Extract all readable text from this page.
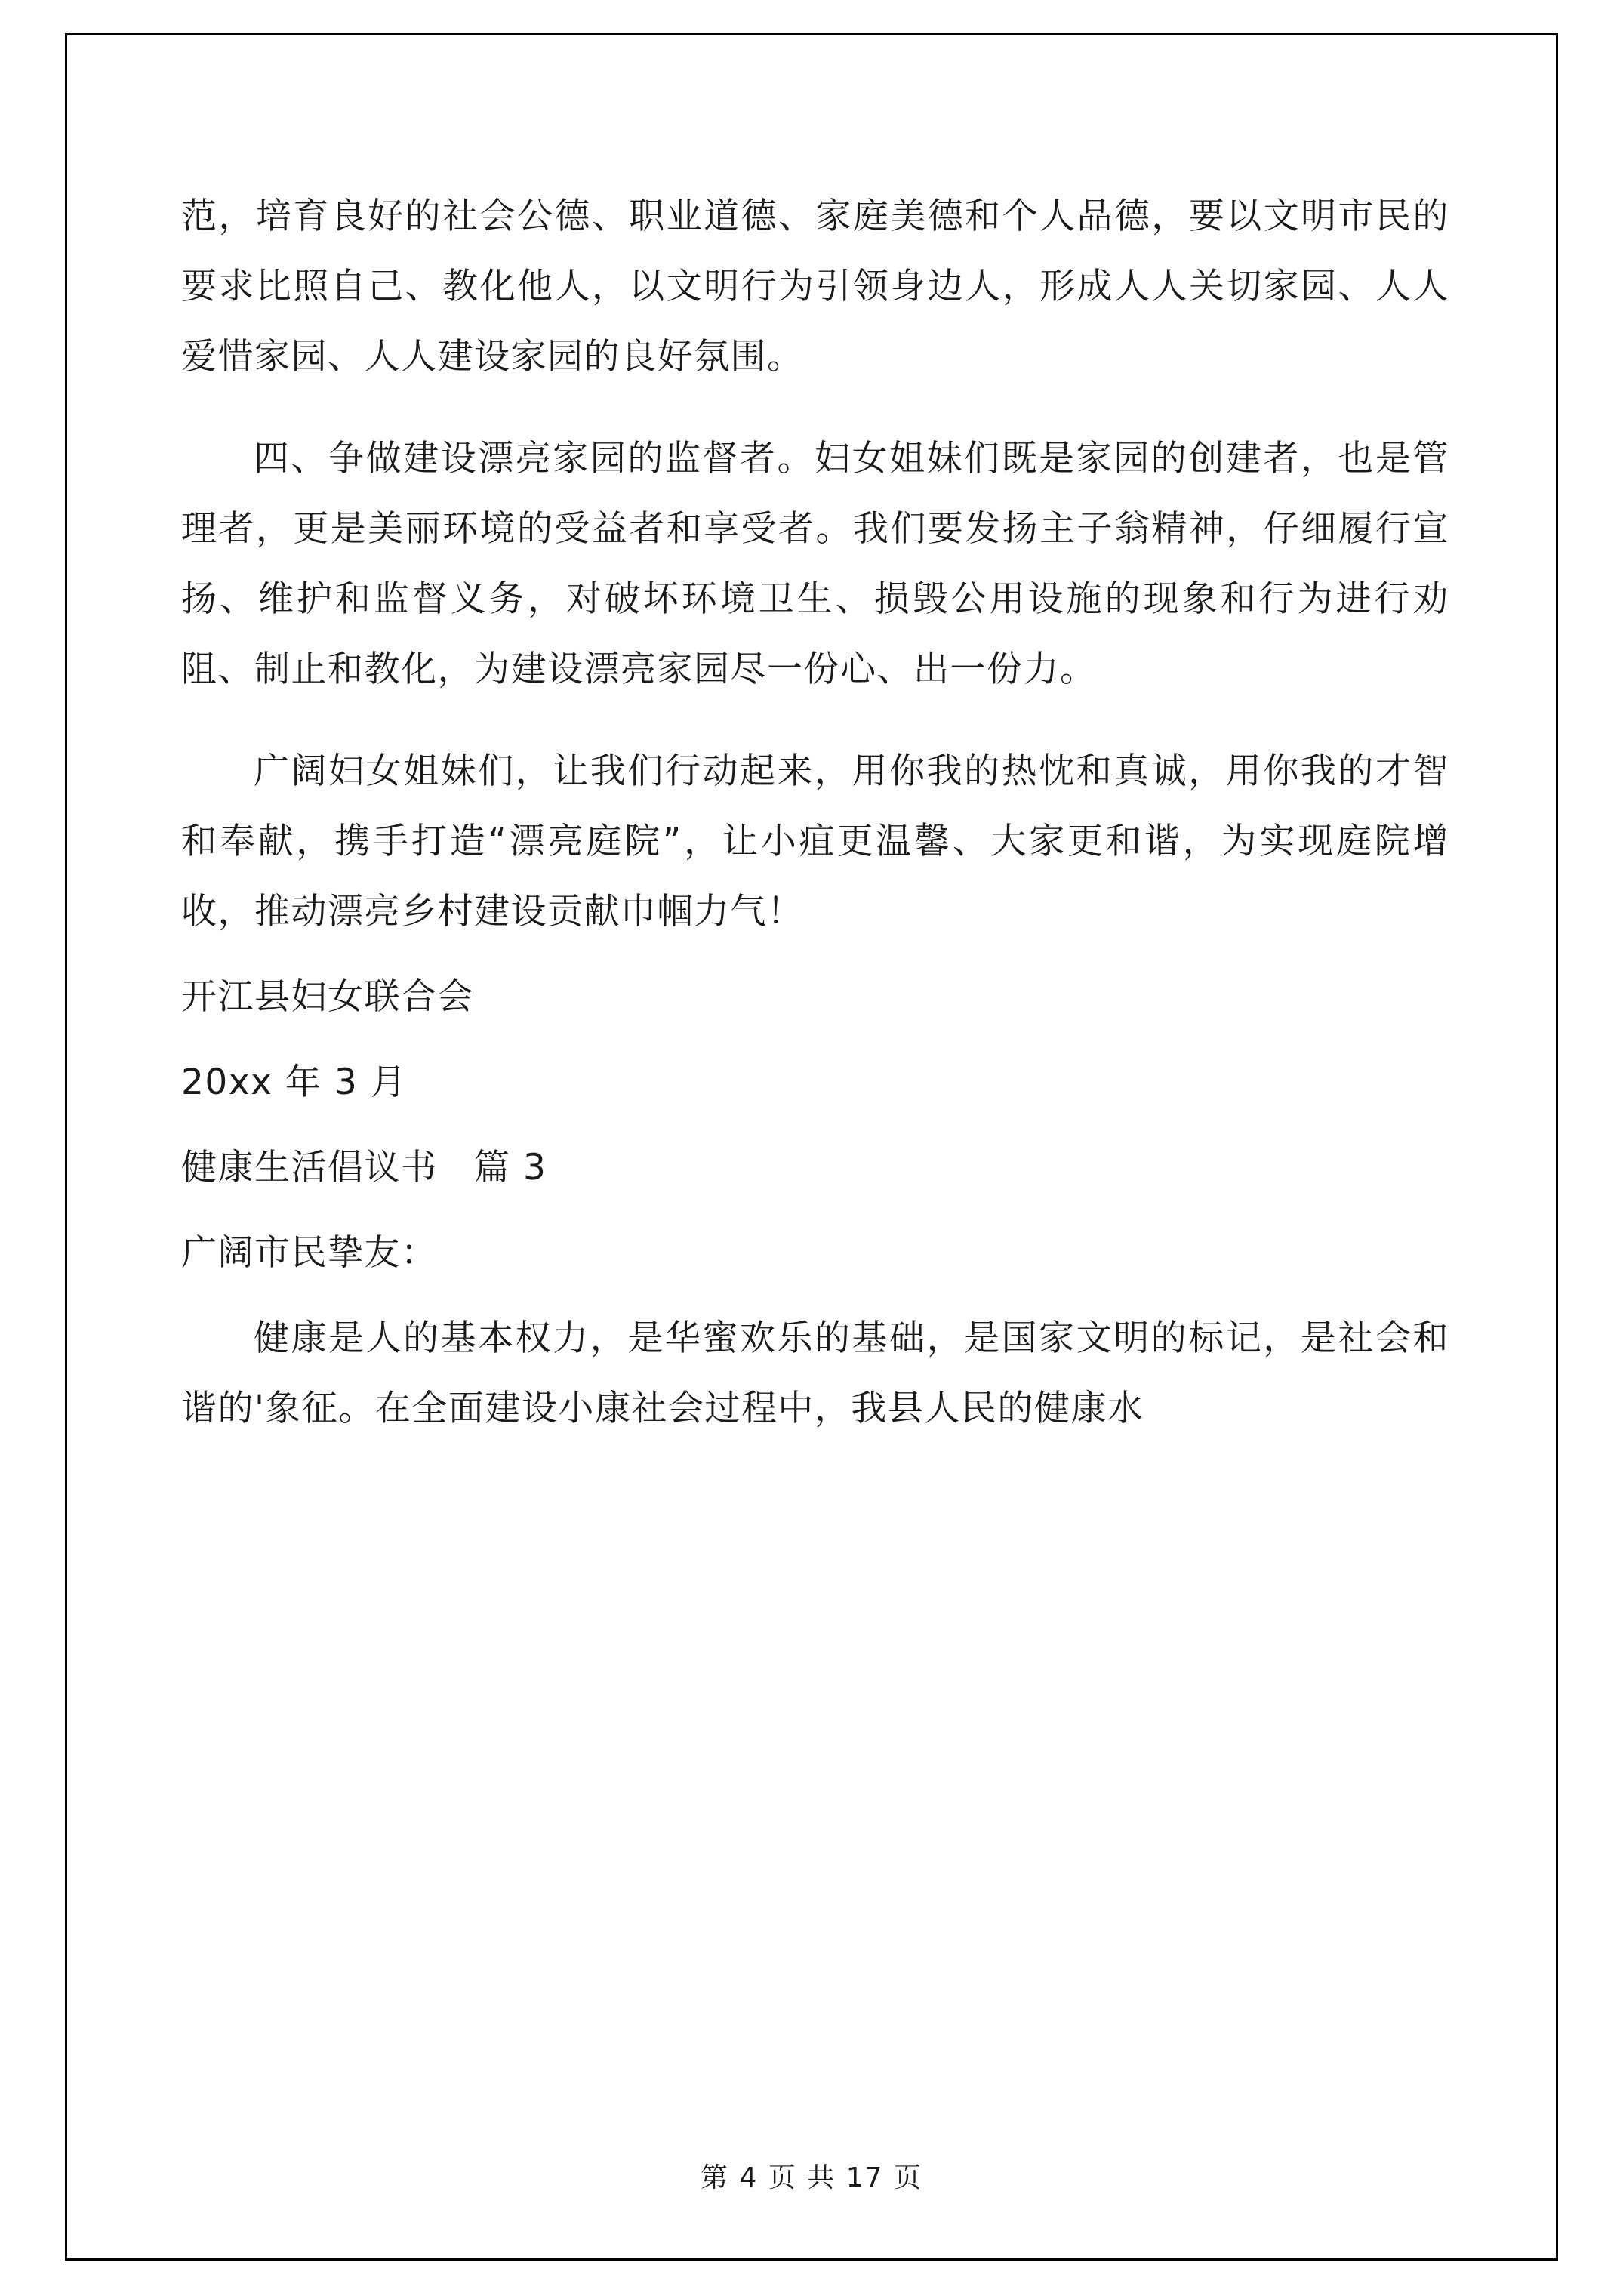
范，培育良好的社会公德、职业道德、家庭美德和个人品德，要以文明市民的要求比照自己、教化他人，以文明行为引领身边人，形成人人关切家园、人人爱惜家园、人人建设家园的良好氛围。

四、争做建设漂亮家园的监督者。妇女姐妹们既是家园的创建者，也是管理者，更是美丽环境的受益者和享受者。我们要发扬主子翁精神，仔细履行宣扬、维护和监督义务，对破坏环境卫生、损毁公用设施的现象和行为进行劝阻、制止和教化，为建设漂亮家园尽一份心、出一份力。

广阔妇女姐妹们，让我们行动起来，用你我的热忱和真诚，用你我的才智和奉献，携手打造“漂亮庭院”，让小疽更温馨、大家更和谐，为实现庭院增收，推动漂亮乡村建设贡献巾帼力气！

开江县妇女联合会

20xx 年 3 月

健康生活倡议书　篇 3

广阔市民挚友：

健康是人的基本权力，是华蜜欢乐的基础，是国家文明的标记，是社会和谐的'象征。在全面建设小康社会过程中，我县人民的健康水

第 4 页 共 17 页
